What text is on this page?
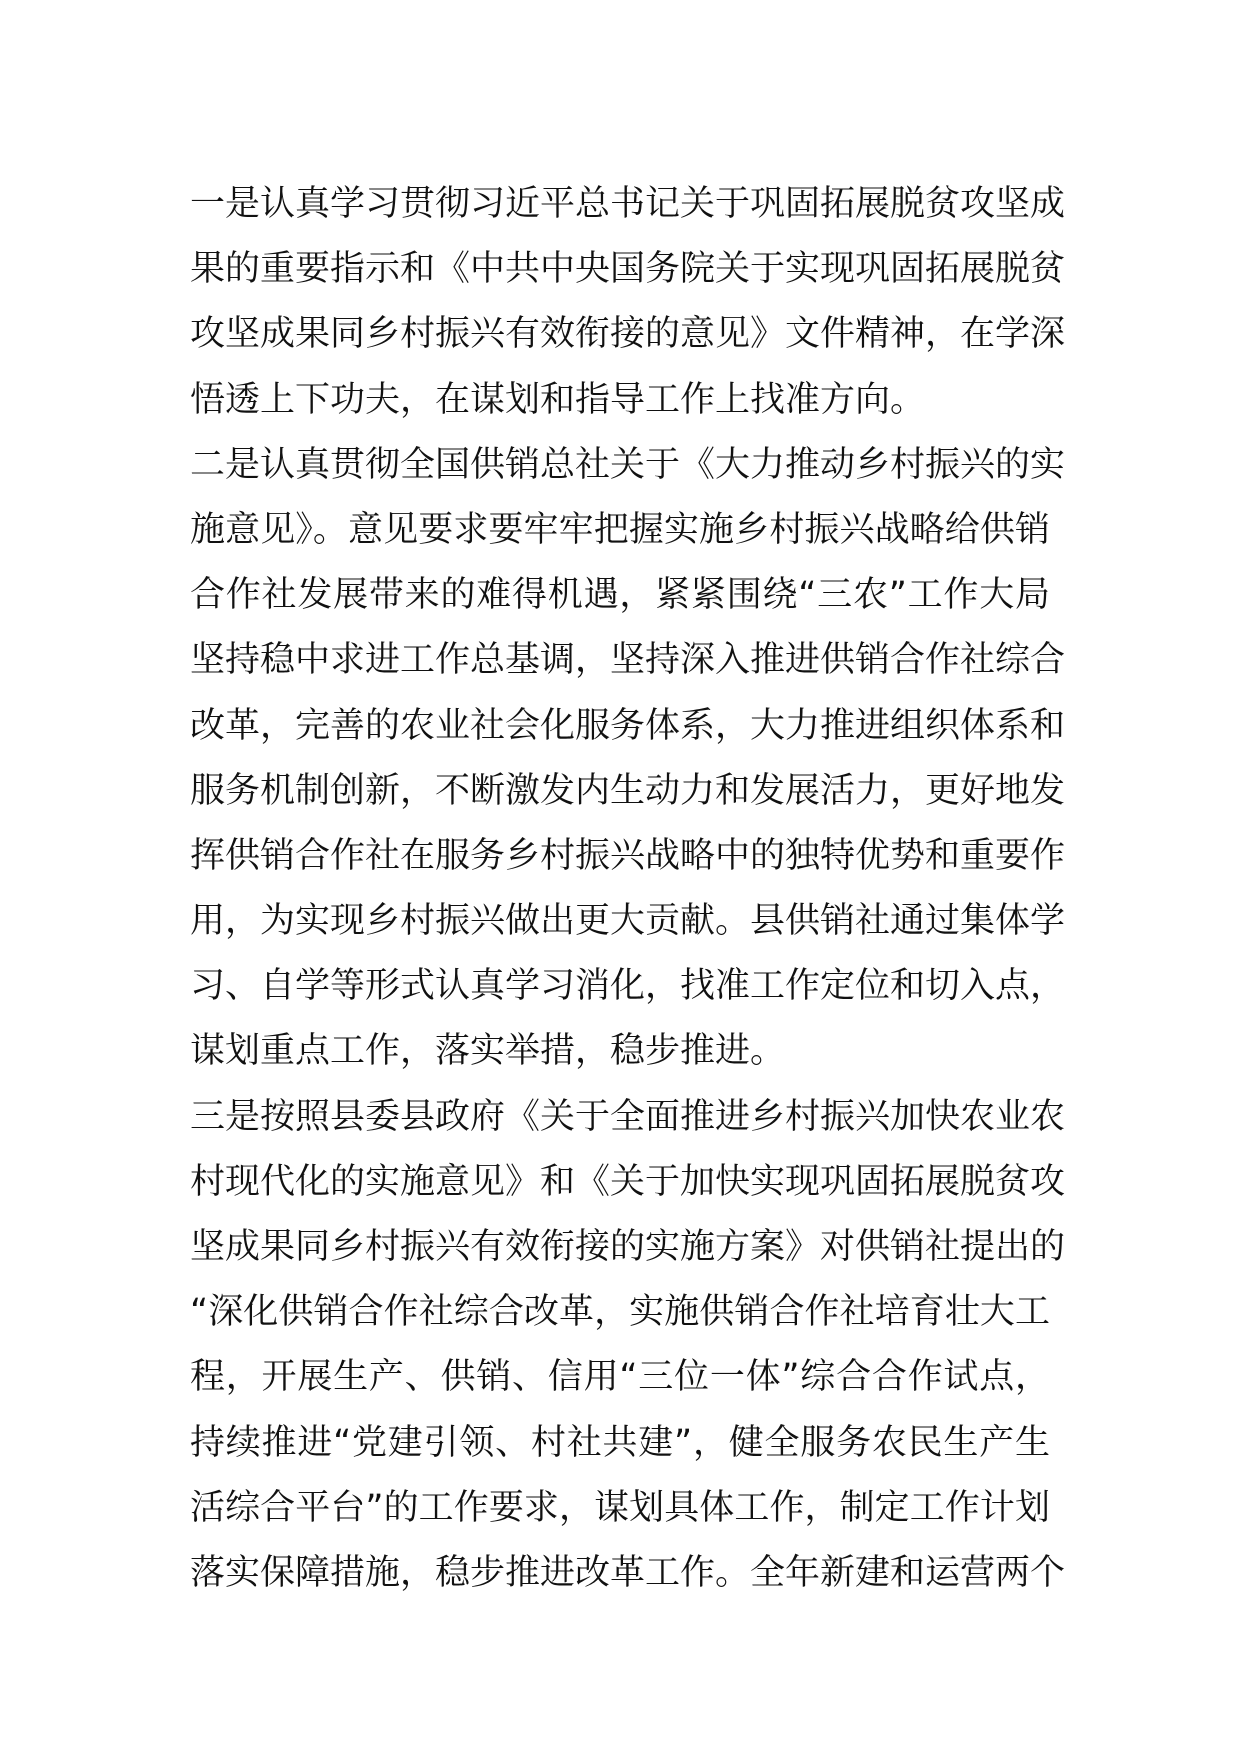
一是认真学习贯彻习近平总书记关于巩固拓展脱贫攻坚成
果的重要指示和《中共中央国务院关于实现巩固拓展脱贫
攻坚成果同乡村振兴有效衔接的意见》文件精神，在学深
悟透上下功夫，在谋划和指导工作上找准方向。
二是认真贯彻全国供销总社关于《大力推动乡村振兴的实
施意见》。意见要求要牢牢把握实施乡村振兴战略给供销
合作社发展带来的难得机遇，紧紧围绕“三农”工作大局
坚持稳中求进工作总基调，坚持深入推进供销合作社综合
改革，完善的农业社会化服务体系，大力推进组织体系和
服务机制创新，不断激发内生动力和发展活力，更好地发
挥供销合作社在服务乡村振兴战略中的独特优势和重要作
用，为实现乡村振兴做出更大贡献。县供销社通过集体学
习、自学等形式认真学习消化，找准工作定位和切入点，
谋划重点工作，落实举措，稳步推进。
三是按照县委县政府《关于全面推进乡村振兴加快农业农
村现代化的实施意见》和《关于加快实现巩固拓展脱贫攻
坚成果同乡村振兴有效衔接的实施方案》对供销社提出的
“深化供销合作社综合改革，实施供销合作社培育壮大工
程，开展生产、供销、信用“三位一体”综合合作试点，
持续推进“党建引领、村社共建”，健全服务农民生产生
活综合平台”的工作要求，谋划具体工作，制定工作计划
落实保障措施，稳步推进改革工作。全年新建和运营两个
